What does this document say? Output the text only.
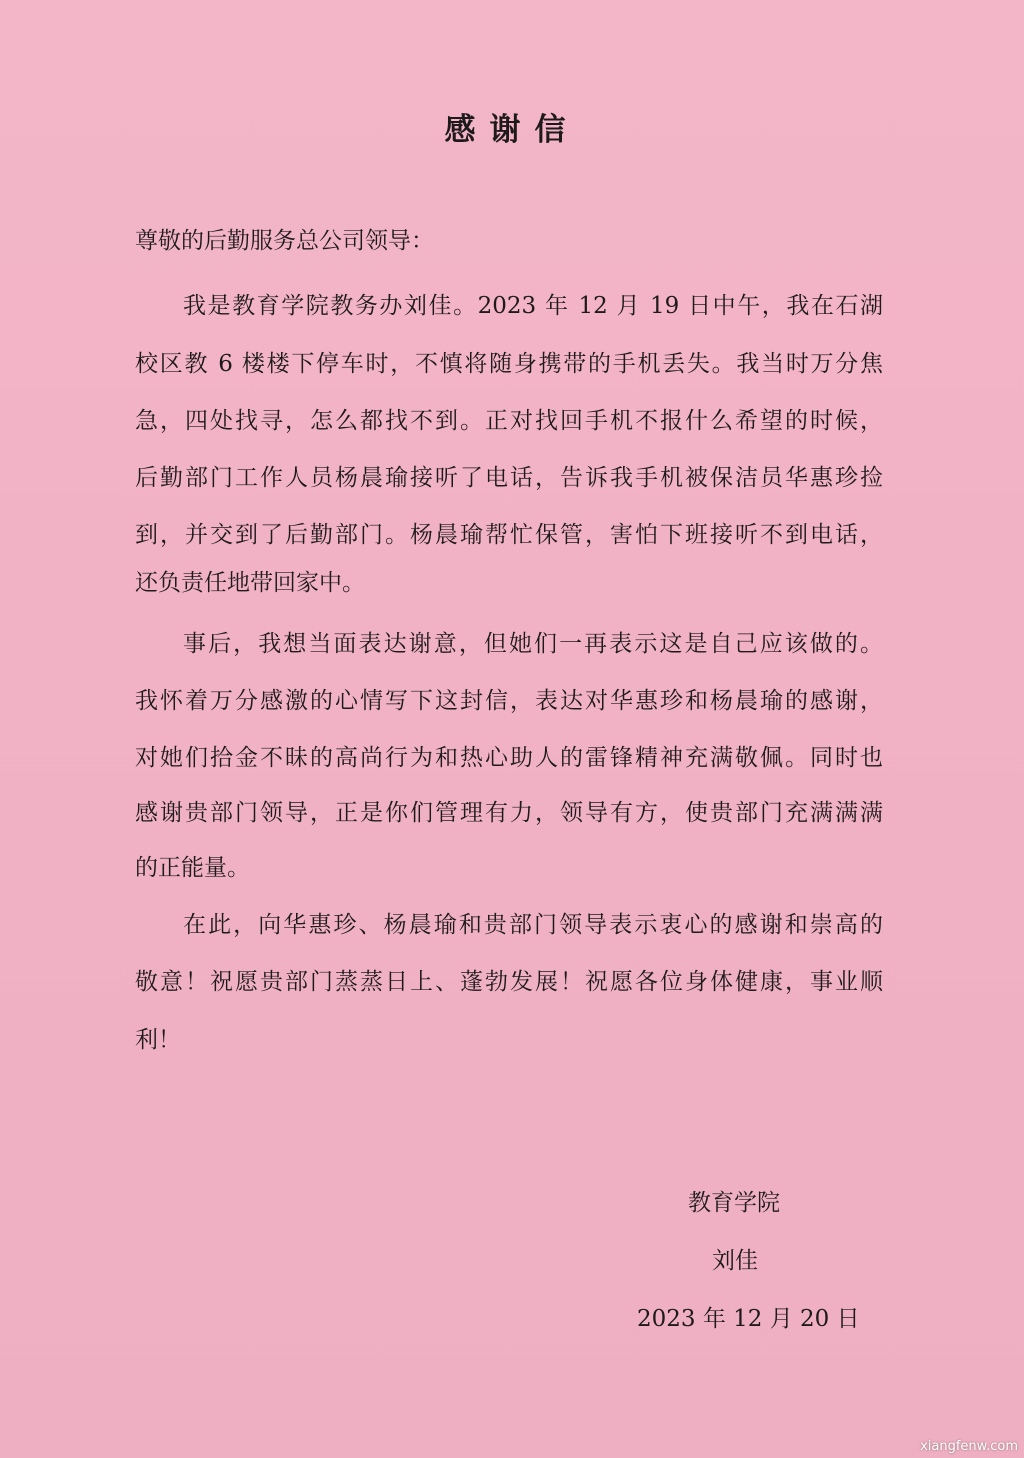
感谢信
尊敬的后勤服务总公司领导：
我是教育学院教务办刘佳。2023 年 12 月 19 日中午，我在石湖
校区教 6 楼楼下停车时，不慎将随身携带的手机丢失。我当时万分焦
急，四处找寻，怎么都找不到。正对找回手机不报什么希望的时候，
后勤部门工作人员杨晨瑜接听了电话，告诉我手机被保洁员华惠珍捡
到，并交到了后勤部门。杨晨瑜帮忙保管，害怕下班接听不到电话，
还负责任地带回家中。
事后，我想当面表达谢意，但她们一再表示这是自己应该做的。
我怀着万分感激的心情写下这封信，表达对华惠珍和杨晨瑜的感谢，
对她们拾金不昧的高尚行为和热心助人的雷锋精神充满敬佩。同时也
感谢贵部门领导，正是你们管理有力，领导有方，使贵部门充满满满
的正能量。
在此，向华惠珍、杨晨瑜和贵部门领导表示衷心的感谢和崇高的
敬意！祝愿贵部门蒸蒸日上、蓬勃发展！祝愿各位身体健康，事业顺
利！
教育学院
刘佳
2023 年 12 月 20 日
xiangfenw.com
